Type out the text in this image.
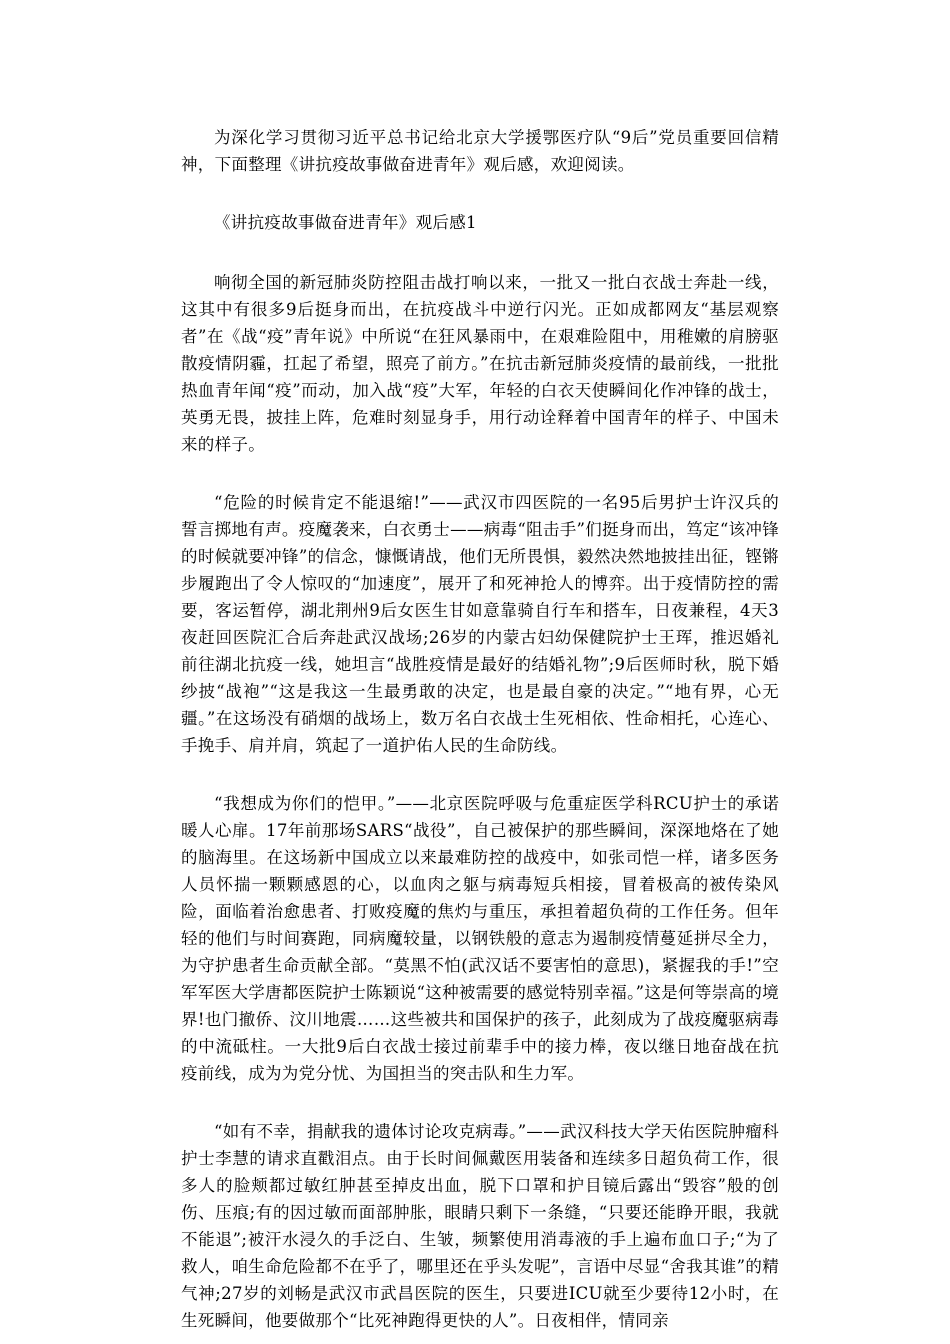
为深化学习贯彻习近平总书记给北京大学援鄂医疗队“9后”党员重要回信精神，下面整理《讲抗疫故事做奋进青年》观后感，欢迎阅读。

《讲抗疫故事做奋进青年》观后感1

响彻全国的新冠肺炎防控阻击战打响以来，一批又一批白衣战士奔赴一线，这其中有很多9后挺身而出，在抗疫战斗中逆行闪光。正如成都网友“基层观察者”在《战“疫”青年说》中所说“在狂风暴雨中，在艰难险阻中，用稚嫩的肩膀驱散疫情阴霾，扛起了希望，照亮了前方。”在抗击新冠肺炎疫情的最前线，一批批热血青年闻“疫”而动，加入战“疫”大军，年轻的白衣天使瞬间化作冲锋的战士，英勇无畏，披挂上阵，危难时刻显身手，用行动诠释着中国青年的样子、中国未来的样子。

“危险的时候肯定不能退缩!”——武汉市四医院的一名95后男护士许汉兵的誓言掷地有声。疫魔袭来，白衣勇士——病毒“阻击手”们挺身而出，笃定“该冲锋的时候就要冲锋”的信念，慷慨请战，他们无所畏惧，毅然决然地披挂出征，铿锵步履跑出了令人惊叹的“加速度”，展开了和死神抢人的博弈。出于疫情防控的需要，客运暂停，湖北荆州9后女医生甘如意靠骑自行车和搭车，日夜兼程，4天3夜赶回医院汇合后奔赴武汉战场;26岁的内蒙古妇幼保健院护士王珲，推迟婚礼前往湖北抗疫一线，她坦言“战胜疫情是最好的结婚礼物”;9后医师时秋，脱下婚纱披“战袍”“这是我这一生最勇敢的决定，也是最自豪的决定。”“地有界，心无疆。”在这场没有硝烟的战场上，数万名白衣战士生死相依、性命相托，心连心、手挽手、肩并肩，筑起了一道护佑人民的生命防线。

“我想成为你们的恺甲。”——北京医院呼吸与危重症医学科RCU护士的承诺暖人心扉。17年前那场SARS“战役”，自己被保护的那些瞬间，深深地烙在了她的脑海里。在这场新中国成立以来最难防控的战疫中，如张司恺一样，诸多医务人员怀揣一颗颗感恩的心，以血肉之躯与病毒短兵相接，冒着极高的被传染风险，面临着治愈患者、打败疫魔的焦灼与重压，承担着超负荷的工作任务。但年轻的他们与时间赛跑，同病魔较量，以钢铁般的意志为遏制疫情蔓延拼尽全力，为守护患者生命贡献全部。“莫黑不怕(武汉话不要害怕的意思)，紧握我的手!”空军军医大学唐都医院护士陈颖说“这种被需要的感觉特别幸福。”这是何等崇高的境界!也门撤侨、汶川地震……这些被共和国保护的孩子，此刻成为了战疫魔驱病毒的中流砥柱。一大批9后白衣战士接过前辈手中的接力棒，夜以继日地奋战在抗疫前线，成为为党分忧、为国担当的突击队和生力军。

“如有不幸，捐献我的遗体讨论攻克病毒。”——武汉科技大学天佑医院肿瘤科护士李慧的请求直戳泪点。由于长时间佩戴医用装备和连续多日超负荷工作，很多人的脸颊都过敏红肿甚至掉皮出血，脱下口罩和护目镜后露出“毁容”般的创伤、压痕;有的因过敏而面部肿胀，眼睛只剩下一条缝，“只要还能睁开眼，我就不能退”;被汗水浸久的手泛白、生皱，频繁使用消毒液的手上遍布血口子;“为了救人，咱生命危险都不在乎了，哪里还在乎头发呢”，言语中尽显“舍我其谁”的精气神;27岁的刘畅是武汉市武昌医院的医生，只要进ICU就至少要待12小时，在生死瞬间，他要做那个“比死神跑得更快的人”。日夜相伴，情同亲
